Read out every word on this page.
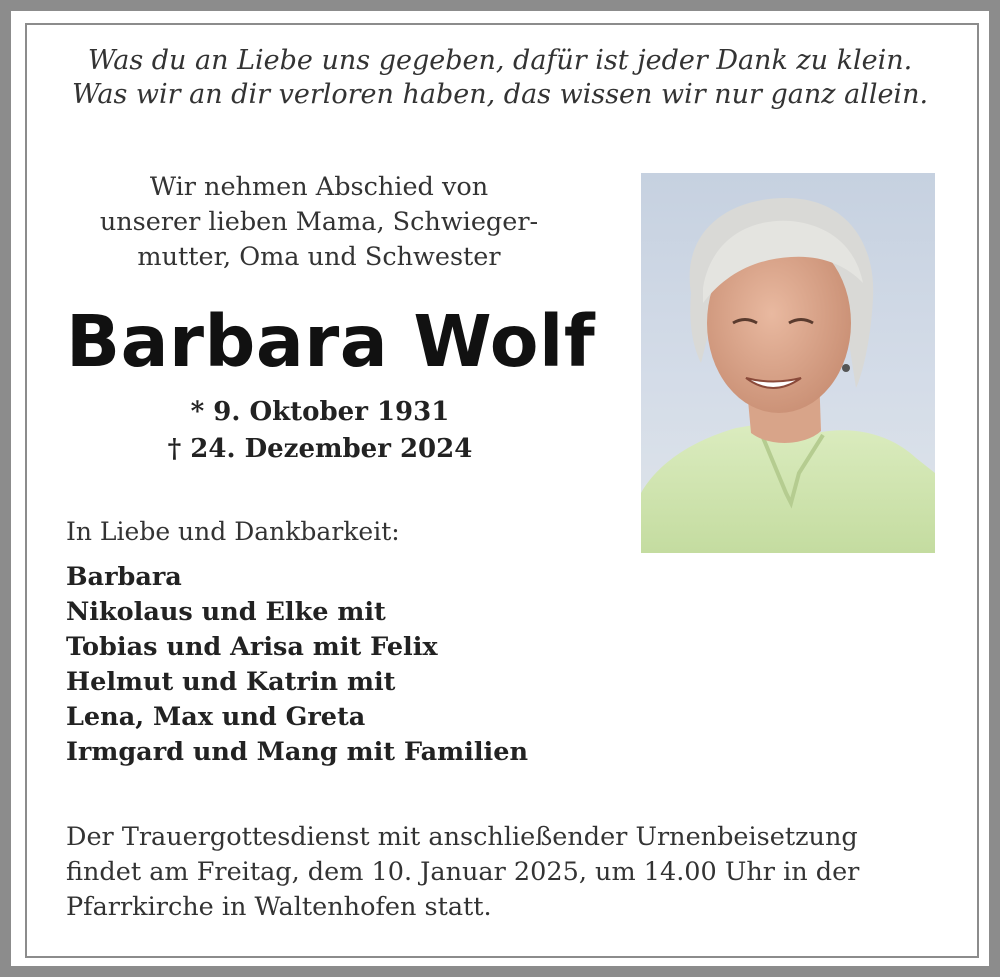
Was du an Liebe uns gegeben, dafür ist jeder Dank zu klein.
Was wir an dir verloren haben, das wissen wir nur ganz allein.
Wir nehmen Abschied von
unserer lieben Mama, Schwieger-
mutter, Oma und Schwester
Barbara Wolf
* 9. Oktober 1931
† 24. Dezember 2024
In Liebe und Dankbarkeit:
Barbara
Nikolaus und Elke mit
Tobias und Arisa mit Felix
Helmut und Katrin mit
Lena, Max und Greta
Irmgard und Mang mit Familien
Der Trauergottesdienst mit anschließender Urnenbeisetzung
findet am Freitag, dem 10. Januar 2025, um 14.00 Uhr in der
Pfarrkirche in Waltenhofen statt.
